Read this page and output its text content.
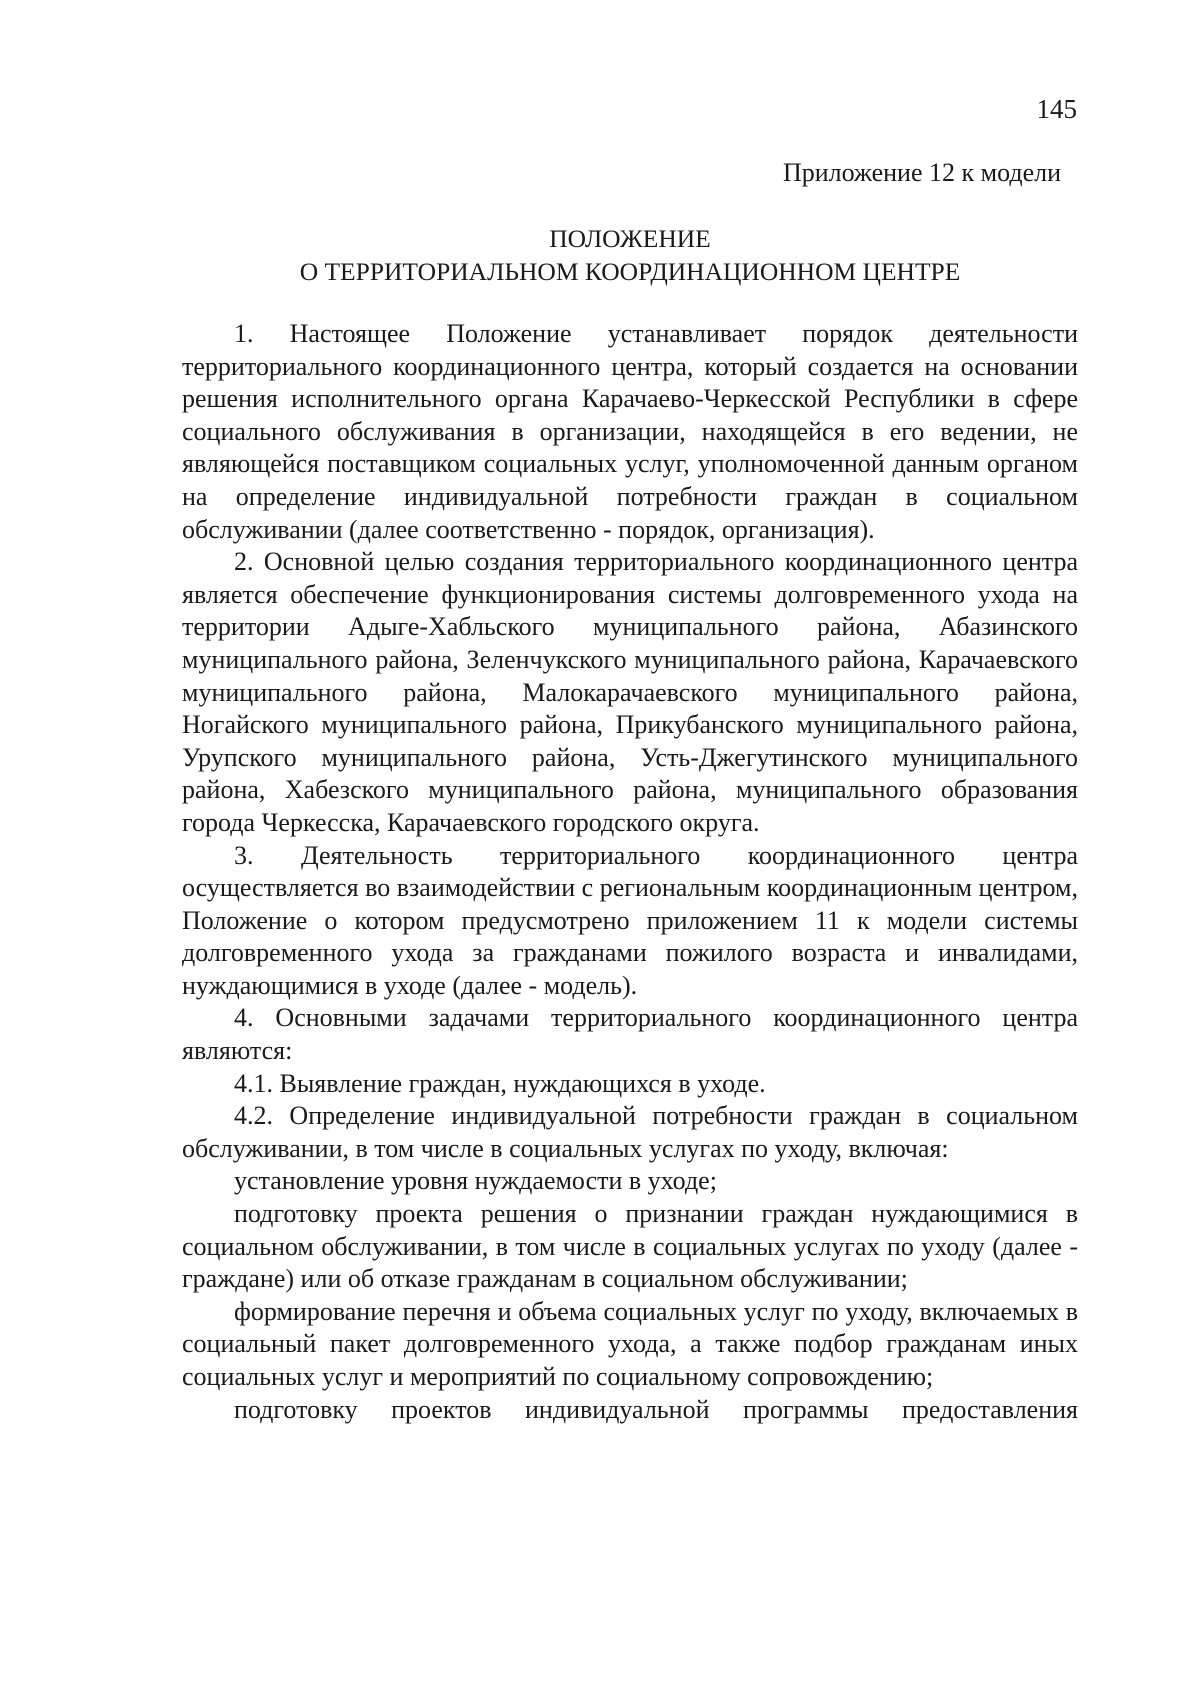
145
Приложение 12 к модели
ПОЛОЖЕНИЕ
О ТЕРРИТОРИАЛЬНОМ КООРДИНАЦИОННОМ ЦЕНТРЕ

1. Настоящее Положение устанавливает порядок деятельности территориального координационного центра, который создается на основании решения исполнительного органа Карачаево-Черкесской Республики в сфере социального обслуживания в организации, находящейся в его ведении, не являющейся поставщиком социальных услуг, уполномоченной данным органом на определение индивидуальной потребности граждан в социальном обслуживании (далее соответственно - порядок, организация).

2. Основной целью создания территориального координационного центра является обеспечение функционирования системы долговременного ухода на территории Адыге-Хабльского муниципального района, Абазинского муниципального района, Зеленчукского муниципального района, Карачаевского муниципального района, Малокарачаевского муниципального района, Ногайского муниципального района, Прикубанского муниципального района, Урупского муниципального района, Усть-Джегутинского муниципального района, Хабезского муниципального района, муниципального образования города Черкесска, Карачаевского городского округа.

3. Деятельность территориального координационного центра осуществляется во взаимодействии с региональным координационным центром, Положение о котором предусмотрено приложением 11 к модели системы долговременного ухода за гражданами пожилого возраста и инвалидами, нуждающимися в уходе (далее - модель).

4. Основными задачами территориального координационного центра являются:

4.1. Выявление граждан, нуждающихся в уходе.

4.2. Определение индивидуальной потребности граждан в социальном обслуживании, в том числе в социальных услугах по уходу, включая:

установление уровня нуждаемости в уходе;

подготовку проекта решения о признании граждан нуждающимися в социальном обслуживании, в том числе в социальных услугах по уходу (далее - граждане) или об отказе гражданам в социальном обслуживании;

формирование перечня и объема социальных услуг по уходу, включаемых в социальный пакет долговременного ухода, а также подбор гражданам иных социальных услуг и мероприятий по социальному сопровождению;

подготовку проектов индивидуальной программы предоставления
